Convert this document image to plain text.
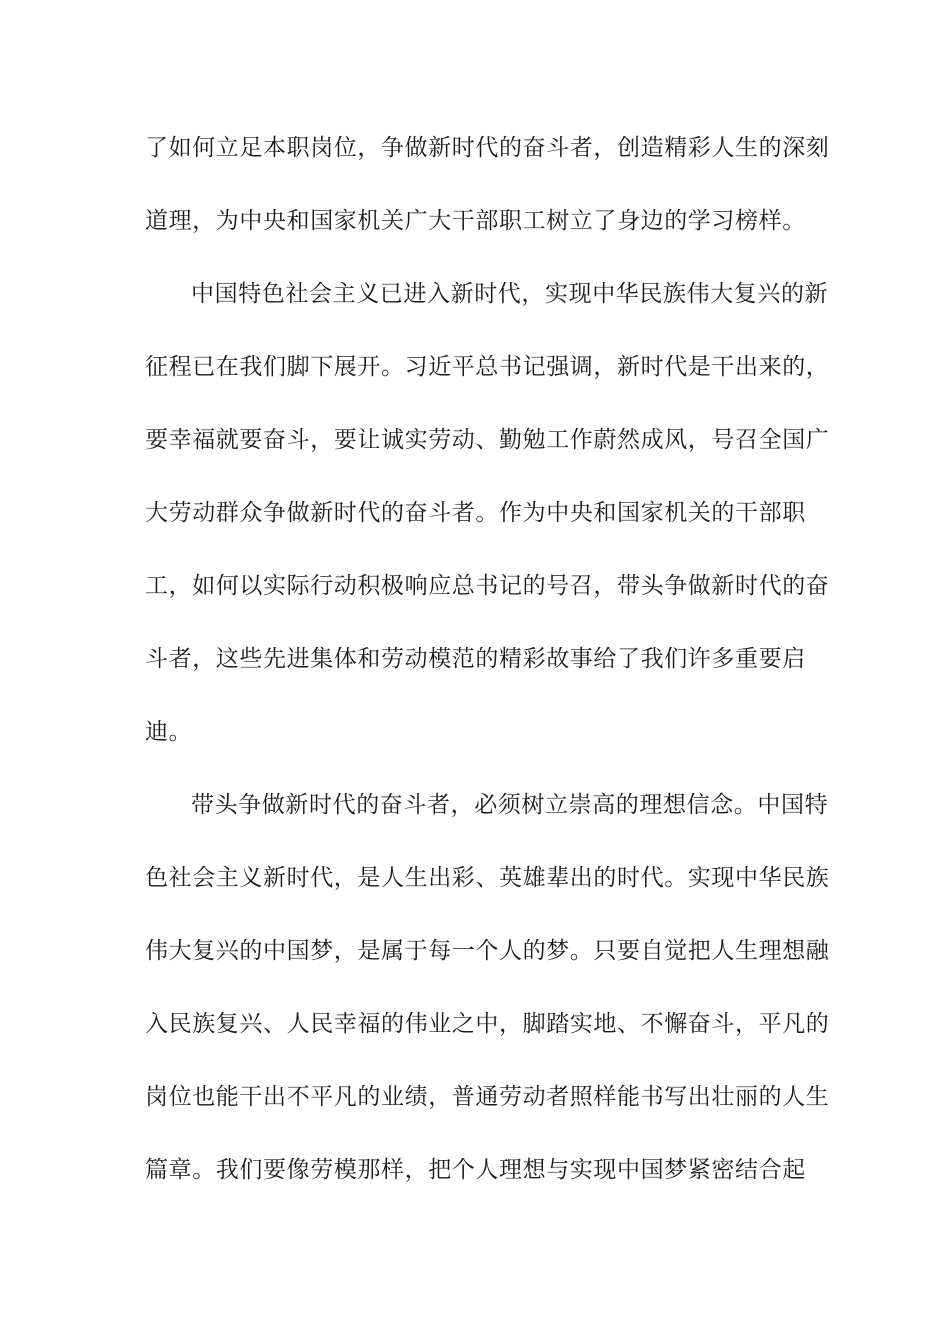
了如何立足本职岗位，争做新时代的奋斗者，创造精彩人生的深刻
道理，为中央和国家机关广大干部职工树立了身边的学习榜样。
中国特色社会主义已进入新时代，实现中华民族伟大复兴的新
征程已在我们脚下展开。习近平总书记强调，新时代是干出来的，
要幸福就要奋斗，要让诚实劳动、勤勉工作蔚然成风，号召全国广
大劳动群众争做新时代的奋斗者。作为中央和国家机关的干部职
工，如何以实际行动积极响应总书记的号召，带头争做新时代的奋
斗者，这些先进集体和劳动模范的精彩故事给了我们许多重要启
迪。
带头争做新时代的奋斗者，必须树立崇高的理想信念。中国特
色社会主义新时代，是人生出彩、英雄辈出的时代。实现中华民族
伟大复兴的中国梦，是属于每一个人的梦。只要自觉把人生理想融
入民族复兴、人民幸福的伟业之中，脚踏实地、不懈奋斗，平凡的
岗位也能干出不平凡的业绩，普通劳动者照样能书写出壮丽的人生
篇章。我们要像劳模那样，把个人理想与实现中国梦紧密结合起
